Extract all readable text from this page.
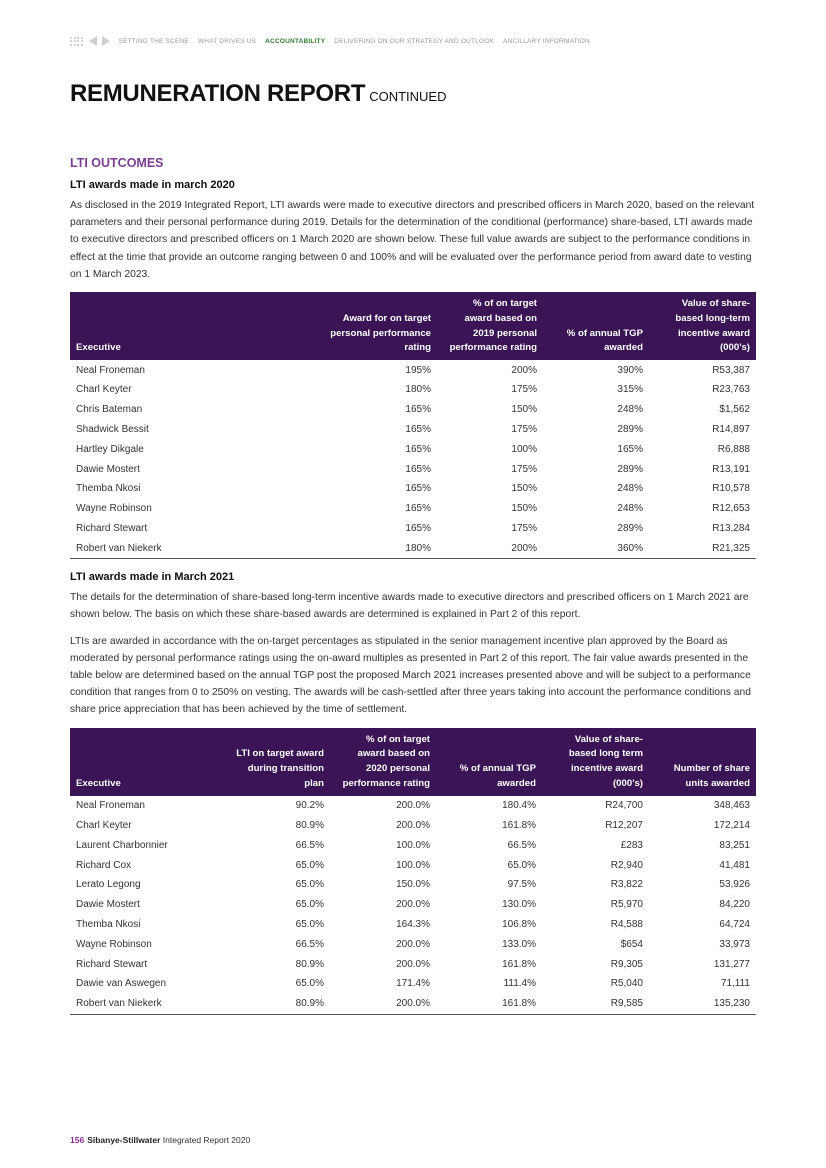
SETTING THE SCENE WHAT DRIVES US ACCOUNTABILITY DELIVERING ON OUR STRATEGY AND OUTLOOK ANCILLARY INFORMATION
REMUNERATION REPORT CONTINUED
LTI OUTCOMES
LTI awards made in march 2020

As disclosed in the 2019 Integrated Report, LTI awards were made to executive directors and prescribed officers in March 2020, based on the relevant parameters and their personal performance during 2019. Details for the determination of the conditional (performance) share-based, LTI awards made to executive directors and prescribed officers on 1 March 2020 are shown below. These full value awards are subject to the performance conditions in effect at the time that provide an outcome ranging between 0 and 100% and will be evaluated over the performance period from award date to vesting on 1 March 2023.

Executive	Award for on target personal performance rating	% of on target award based on 2019 personal performance rating	% of annual TGP awarded	Value of share-based long-term incentive award (000’s)
Neal Froneman	195%	200%	390%	R53,387
Charl Keyter	180%	175%	315%	R23,763
Chris Bateman	165%	150%	248%	$1,562
Shadwick Bessit	165%	175%	289%	R14,897
Hartley Dikgale	165%	100%	165%	R6,888
Dawie Mostert	165%	175%	289%	R13,191
Themba Nkosi	165%	150%	248%	R10,578
Wayne Robinson	165%	150%	248%	R12,653
Richard Stewart	165%	175%	289%	R13,284
Robert van Niekerk	180%	200%	360%	R21,325
LTI awards made in March 2021

The details for the determination of share-based long-term incentive awards made to executive directors and prescribed officers on 1 March 2021 are shown below. The basis on which these share-based awards are determined is explained in Part 2 of this report.

LTIs are awarded in accordance with the on-target percentages as stipulated in the senior management incentive plan approved by the Board as moderated by personal performance ratings using the on-award multiples as presented in Part 2 of this report. The fair value awards presented in the table below are determined based on the annual TGP post the proposed March 2021 increases presented above and will be subject to a performance condition that ranges from 0 to 250% on vesting. The awards will be cash-settled after three years taking into account the performance conditions and share price appreciation that has been achieved by the time of settlement.

Executive	LTI on target award during transition plan	% of on target award based on 2020 personal performance rating	% of annual TGP awarded	Value of share-based long term incentive award (000’s)	Number of share units awarded
Neal Froneman	90.2%	200.0%	180.4%	R24,700	348,463
Charl Keyter	80.9%	200.0%	161.8%	R12,207	172,214
Laurent Charbonnier	66.5%	100.0%	66.5%	£283	83,251
Richard Cox	65.0%	100.0%	65.0%	R2,940	41,481
Lerato Legong	65.0%	150.0%	97.5%	R3,822	53,926
Dawie Mostert	65.0%	200.0%	130.0%	R5,970	84,220
Themba Nkosi	65.0%	164.3%	106.8%	R4,588	64,724
Wayne Robinson	66.5%	200.0%	133.0%	$654	33,973
Richard Stewart	80.9%	200.0%	161.8%	R9,305	131,277
Dawie van Aswegen	65.0%	171.4%	111.4%	R5,040	71,111
Robert van Niekerk	80.9%	200.0%	161.8%	R9,585	135,230
156 Sibanye-Stillwater Integrated Report 2020
